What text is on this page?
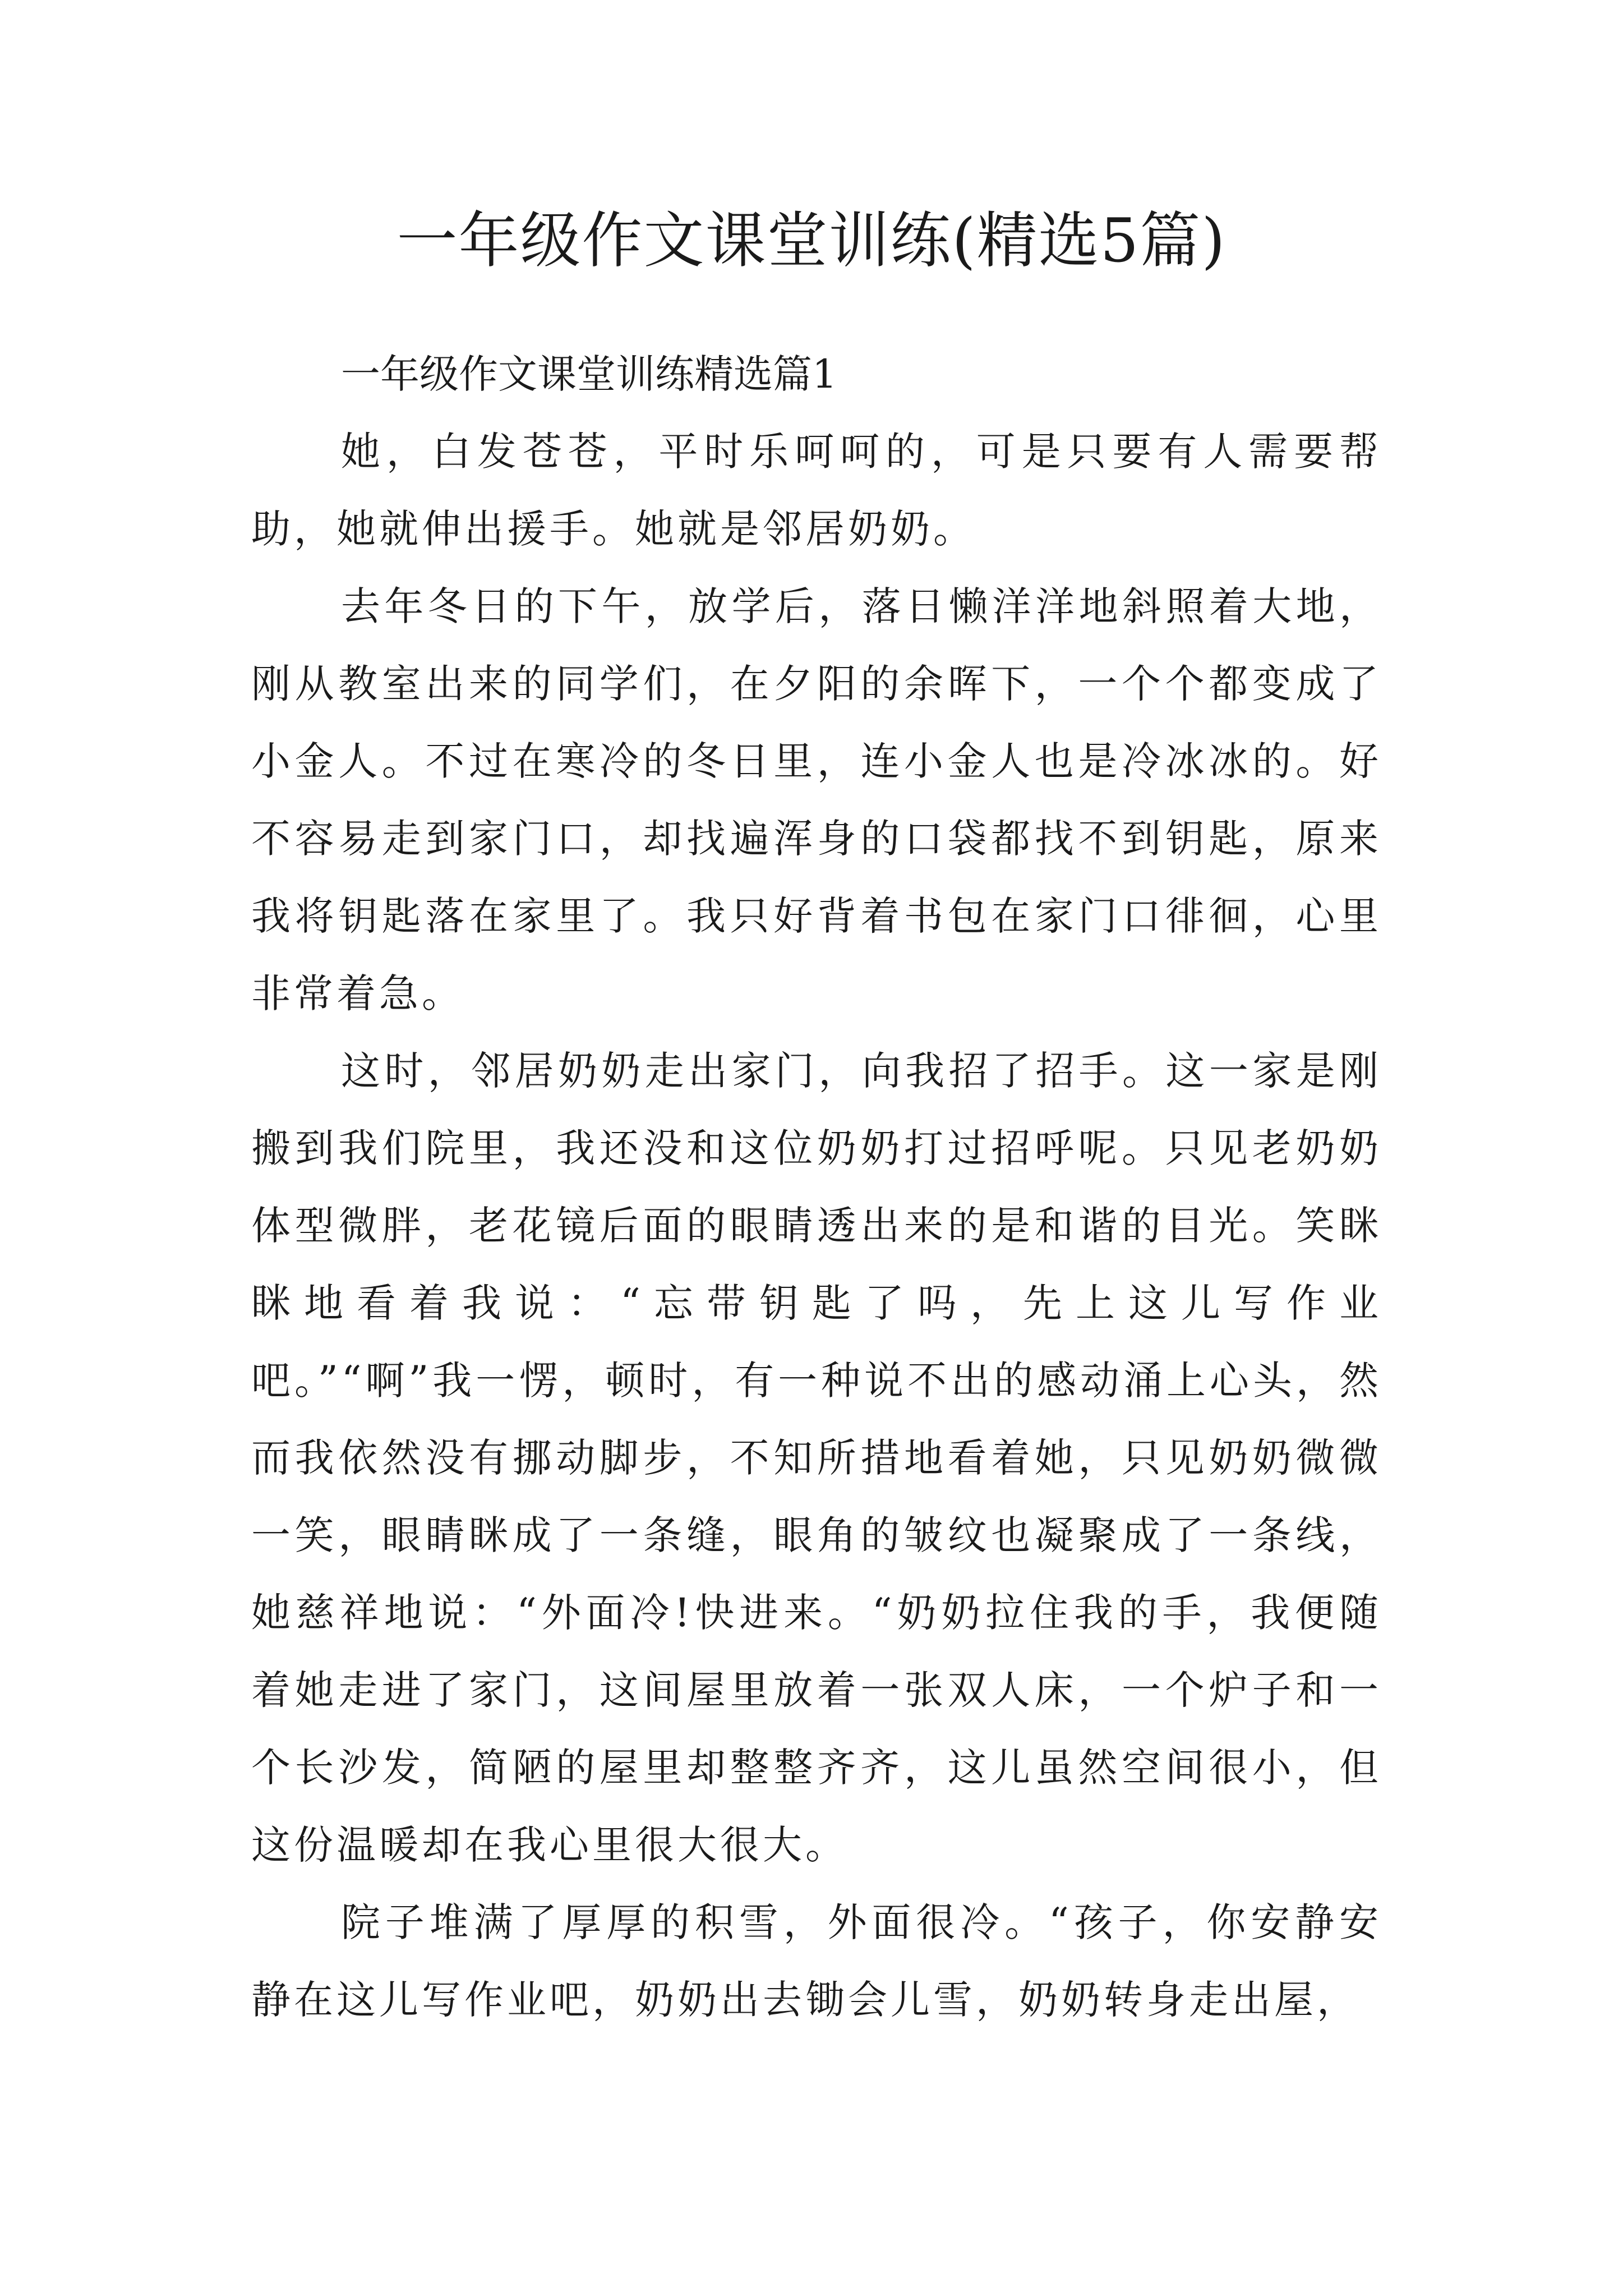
一年级作文课堂训练(精选5篇)
一年级作文课堂训练精选篇1

她，白发苍苍，平时乐呵呵的，可是只要有人需要帮助，她就伸出援手。她就是邻居奶奶。

去年冬日的下午，放学后，落日懒洋洋地斜照着大地，刚从教室出来的同学们，在夕阳的余晖下，一个个都变成了小金人。不过在寒冷的冬日里，连小金人也是冷冰冰的。好不容易走到家门口，却找遍浑身的口袋都找不到钥匙，原来我将钥匙落在家里了。我只好背着书包在家门口徘徊，心里非常着急。

这时，邻居奶奶走出家门，向我招了招手。这一家是刚搬到我们院里，我还没和这位奶奶打过招呼呢。只见老奶奶体型微胖，老花镜后面的眼睛透出来的是和谐的目光。笑眯眯地看着我说：“忘带钥匙了吗，先上这儿写作业吧。”“啊”我一愣，顿时，有一种说不出的感动涌上心头，然而我依然没有挪动脚步，不知所措地看着她，只见奶奶微微一笑，眼睛眯成了一条缝，眼角的皱纹也凝聚成了一条线，她慈祥地说：“外面冷!快进来。“奶奶拉住我的手，我便随着她走进了家门，这间屋里放着一张双人床，一个炉子和一个长沙发，简陋的屋里却整整齐齐，这儿虽然空间很小，但这份温暖却在我心里很大很大。

院子堆满了厚厚的积雪，外面很冷。“孩子，你安静安静在这儿写作业吧，奶奶出去锄会儿雪，奶奶转身走出屋，
